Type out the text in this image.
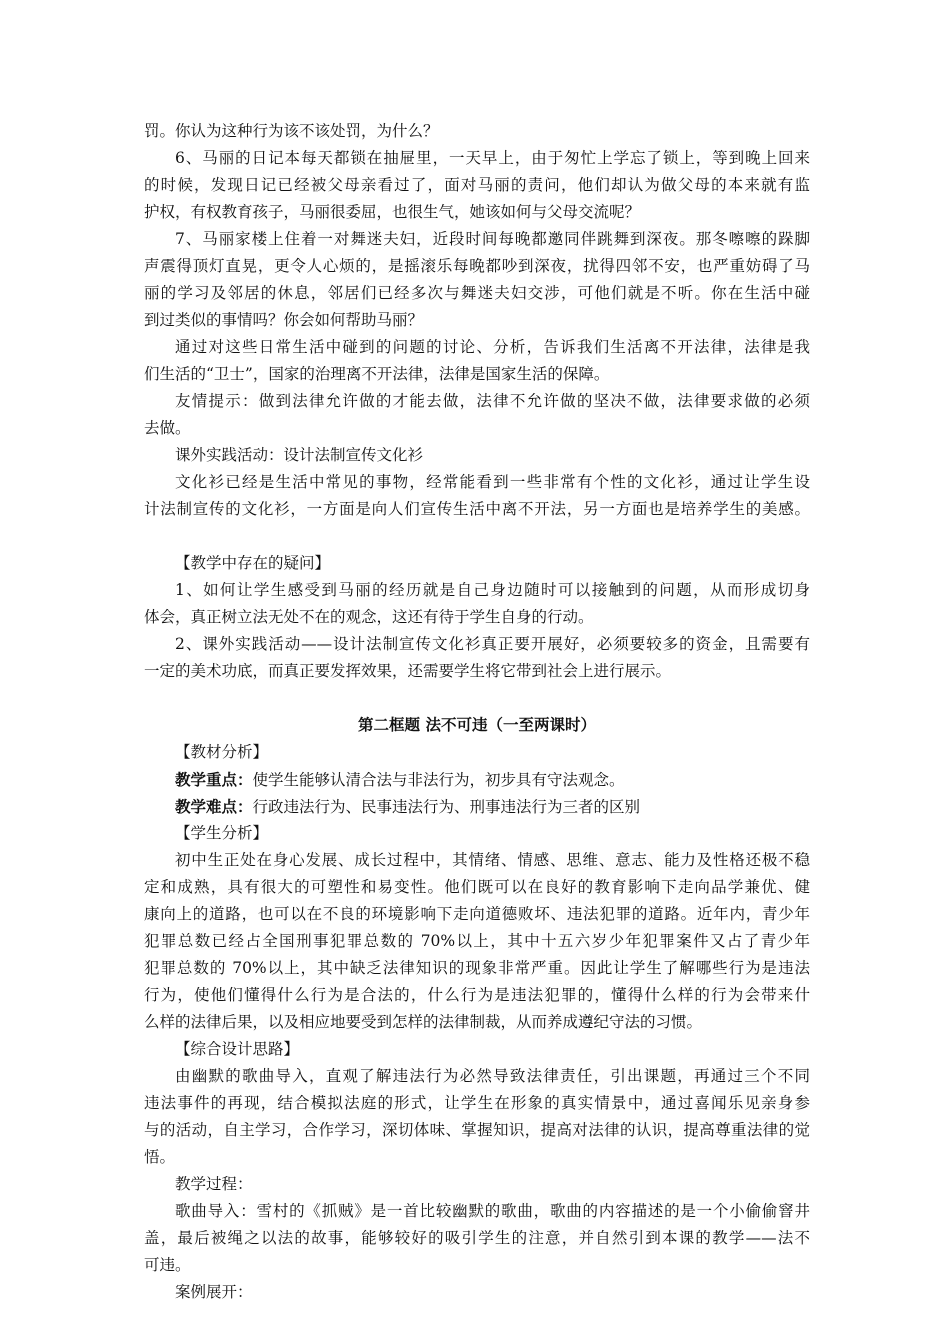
罚。你认为这种行为该不该处罚，为什么？
6、马丽的日记本每天都锁在抽屉里，一天早上，由于匆忙上学忘了锁上，等到晚上回来
的时候，发现日记已经被父母亲看过了，面对马丽的责问，他们却认为做父母的本来就有监
护权，有权教育孩子，马丽很委屈，也很生气，她该如何与父母交流呢？
7、马丽家楼上住着一对舞迷夫妇，近段时间每晚都邀同伴跳舞到深夜。那冬嚓嚓的跺脚
声震得顶灯直晃，更令人心烦的，是摇滚乐每晚都吵到深夜，扰得四邻不安，也严重妨碍了马
丽的学习及邻居的休息，邻居们已经多次与舞迷夫妇交涉，可他们就是不听。你在生活中碰
到过类似的事情吗？你会如何帮助马丽？
通过对这些日常生活中碰到的问题的讨论、分析，告诉我们生活离不开法律，法律是我
们生活的“卫士”，国家的治理离不开法律，法律是国家生活的保障。
友情提示：做到法律允许做的才能去做，法律不允许做的坚决不做，法律要求做的必须
去做。
课外实践活动：设计法制宣传文化衫
文化衫已经是生活中常见的事物，经常能看到一些非常有个性的文化衫，通过让学生设
计法制宣传的文化衫，一方面是向人们宣传生活中离不开法，另一方面也是培养学生的美感。
【教学中存在的疑问】
1、如何让学生感受到马丽的经历就是自己身边随时可以接触到的问题，从而形成切身
体会，真正树立法无处不在的观念，这还有待于学生自身的行动。
2、课外实践活动——设计法制宣传文化衫真正要开展好，必须要较多的资金，且需要有
一定的美术功底，而真正要发挥效果，还需要学生将它带到社会上进行展示。
第二框题 法不可违（一至两课时）
【教材分析】
教学重点：使学生能够认清合法与非法行为，初步具有守法观念。
教学难点：行政违法行为、民事违法行为、刑事违法行为三者的区别
【学生分析】
初中生正处在身心发展、成长过程中，其情绪、情感、思维、意志、能力及性格还极不稳
定和成熟，具有很大的可塑性和易变性。他们既可以在良好的教育影响下走向品学兼优、健
康向上的道路，也可以在不良的环境影响下走向道德败坏、违法犯罪的道路。近年内，青少年
犯罪总数已经占全国刑事犯罪总数的 70%以上，其中十五六岁少年犯罪案件又占了青少年
犯罪总数的 70%以上，其中缺乏法律知识的现象非常严重。因此让学生了解哪些行为是违法
行为，使他们懂得什么行为是合法的，什么行为是违法犯罪的，懂得什么样的行为会带来什
么样的法律后果，以及相应地要受到怎样的法律制裁，从而养成遵纪守法的习惯。
【综合设计思路】
由幽默的歌曲导入，直观了解违法行为必然导致法律责任，引出课题，再通过三个不同
违法事件的再现，结合模拟法庭的形式，让学生在形象的真实情景中，通过喜闻乐见亲身参
与的活动，自主学习，合作学习，深切体味、掌握知识，提高对法律的认识，提高尊重法律的觉
悟。
教学过程：
歌曲导入：雪村的《抓贼》是一首比较幽默的歌曲，歌曲的内容描述的是一个小偷偷窨井
盖，最后被绳之以法的故事，能够较好的吸引学生的注意，并自然引到本课的教学——法不
可违。
案例展开：
